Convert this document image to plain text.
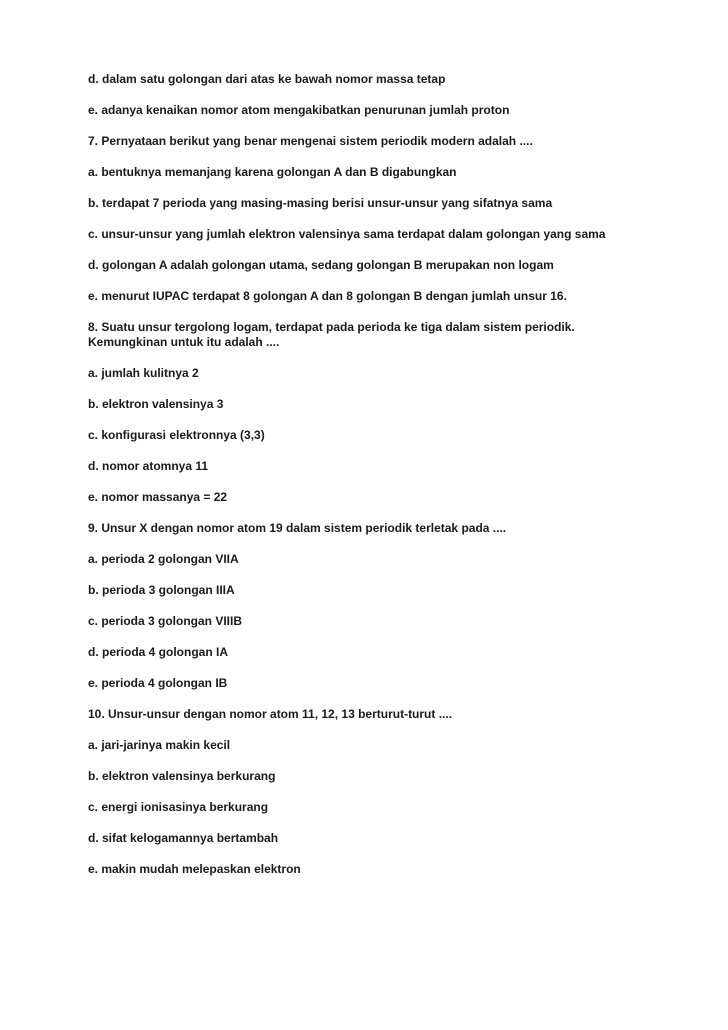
d. dalam satu golongan dari atas ke bawah nomor massa tetap

e. adanya kenaikan nomor atom mengakibatkan penurunan jumlah proton

7. Pernyataan berikut yang benar mengenai sistem periodik modern adalah ....

a. bentuknya memanjang karena golongan A dan B digabungkan

b. terdapat 7 perioda yang masing-masing berisi unsur-unsur yang sifatnya sama

c. unsur-unsur yang jumlah elektron valensinya sama terdapat dalam golongan yang sama

d. golongan A adalah golongan utama, sedang golongan B merupakan non logam

e. menurut IUPAC terdapat 8 golongan A dan 8 golongan B dengan jumlah unsur 16.

8. Suatu unsur tergolong logam, terdapat pada perioda ke tiga dalam sistem periodik.

Kemungkinan untuk itu adalah ....

a. jumlah kulitnya 2

b. elektron valensinya 3

c. konfigurasi elektronnya (3,3)

d. nomor atomnya 11

e. nomor massanya = 22

9. Unsur X dengan nomor atom 19 dalam sistem periodik terletak pada ....

a. perioda 2 golongan VIIA

b. perioda 3 golongan IIIA

c. perioda 3 golongan VIIIB

d. perioda 4 golongan IA

e. perioda 4 golongan IB

10. Unsur-unsur dengan nomor atom 11, 12, 13 berturut-turut ....

a. jari-jarinya makin kecil

b. elektron valensinya berkurang

c. energi ionisasinya berkurang

d. sifat kelogamannya bertambah

e. makin mudah melepaskan elektron
